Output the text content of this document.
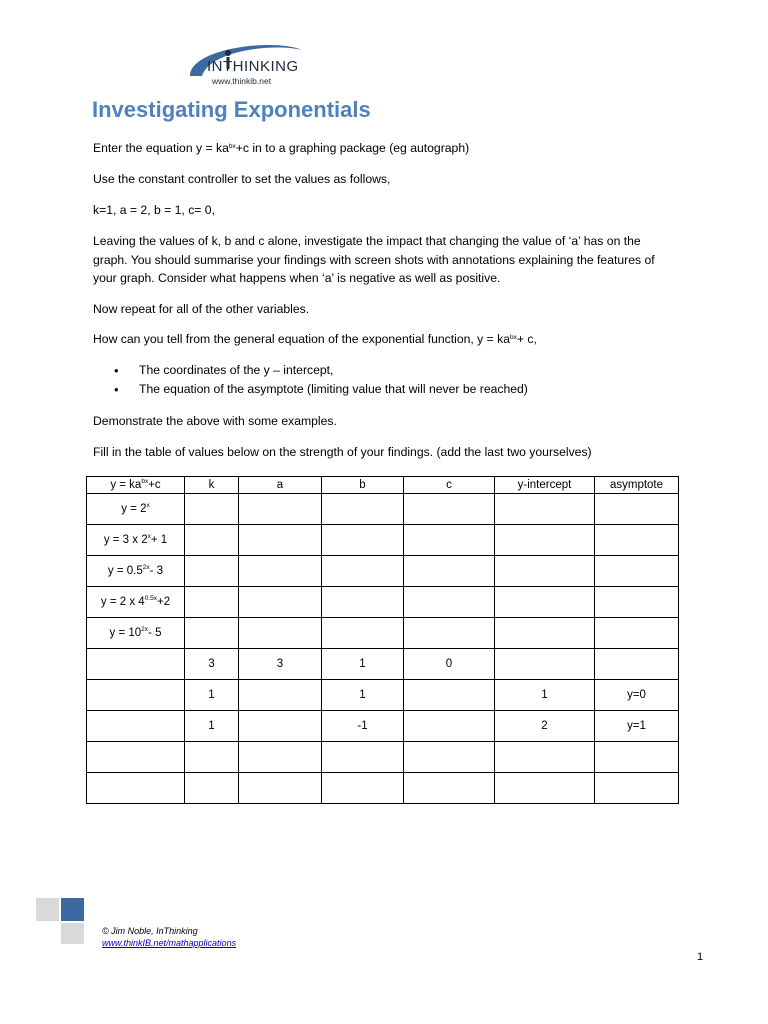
INTHINKING
www.thinkib.net
Investigating Exponentials
Enter the equation $y = ka^{bx}+c$ in to a graphing package (eg autograph)
Use the constant controller to set the values as follows,
k=1, a = 2, b = 1, c= 0,
Leaving the values of k, b and c alone, investigate the impact that changing the value of ‘a’ has on the graph. You should summarise your findings with screen shots with annotations explaining the features of your graph. Consider what happens when ‘a’ is negative as well as positive.
Now repeat for all of the other variables.
How can you tell from the general equation of the exponential function, $y = ka^{bx}+ c$,
• The coordinates of the y – intercept,
• The equation of the asymptote (limiting value that will never be reached)
Demonstrate the above with some examples.
Fill in the table of values below on the strength of your findings. (add the last two yourselves)
$y = ka^{bx}+c$	k	a	b	c	y-intercept	asymptote
$y = 2^x$						
y = 3 x $2^x+ 1$						
$y = 0.5^{2x}-$ 3						
y = 2 x $4^{0.5x}+2$						
$y = 10^{2x}-$ 5						
	3	3	1	0		
	1		1		1	y=0
	1		-1		2	y=1

© Jim Noble, InThinking
www.thinkIB.net/mathapplications
1
